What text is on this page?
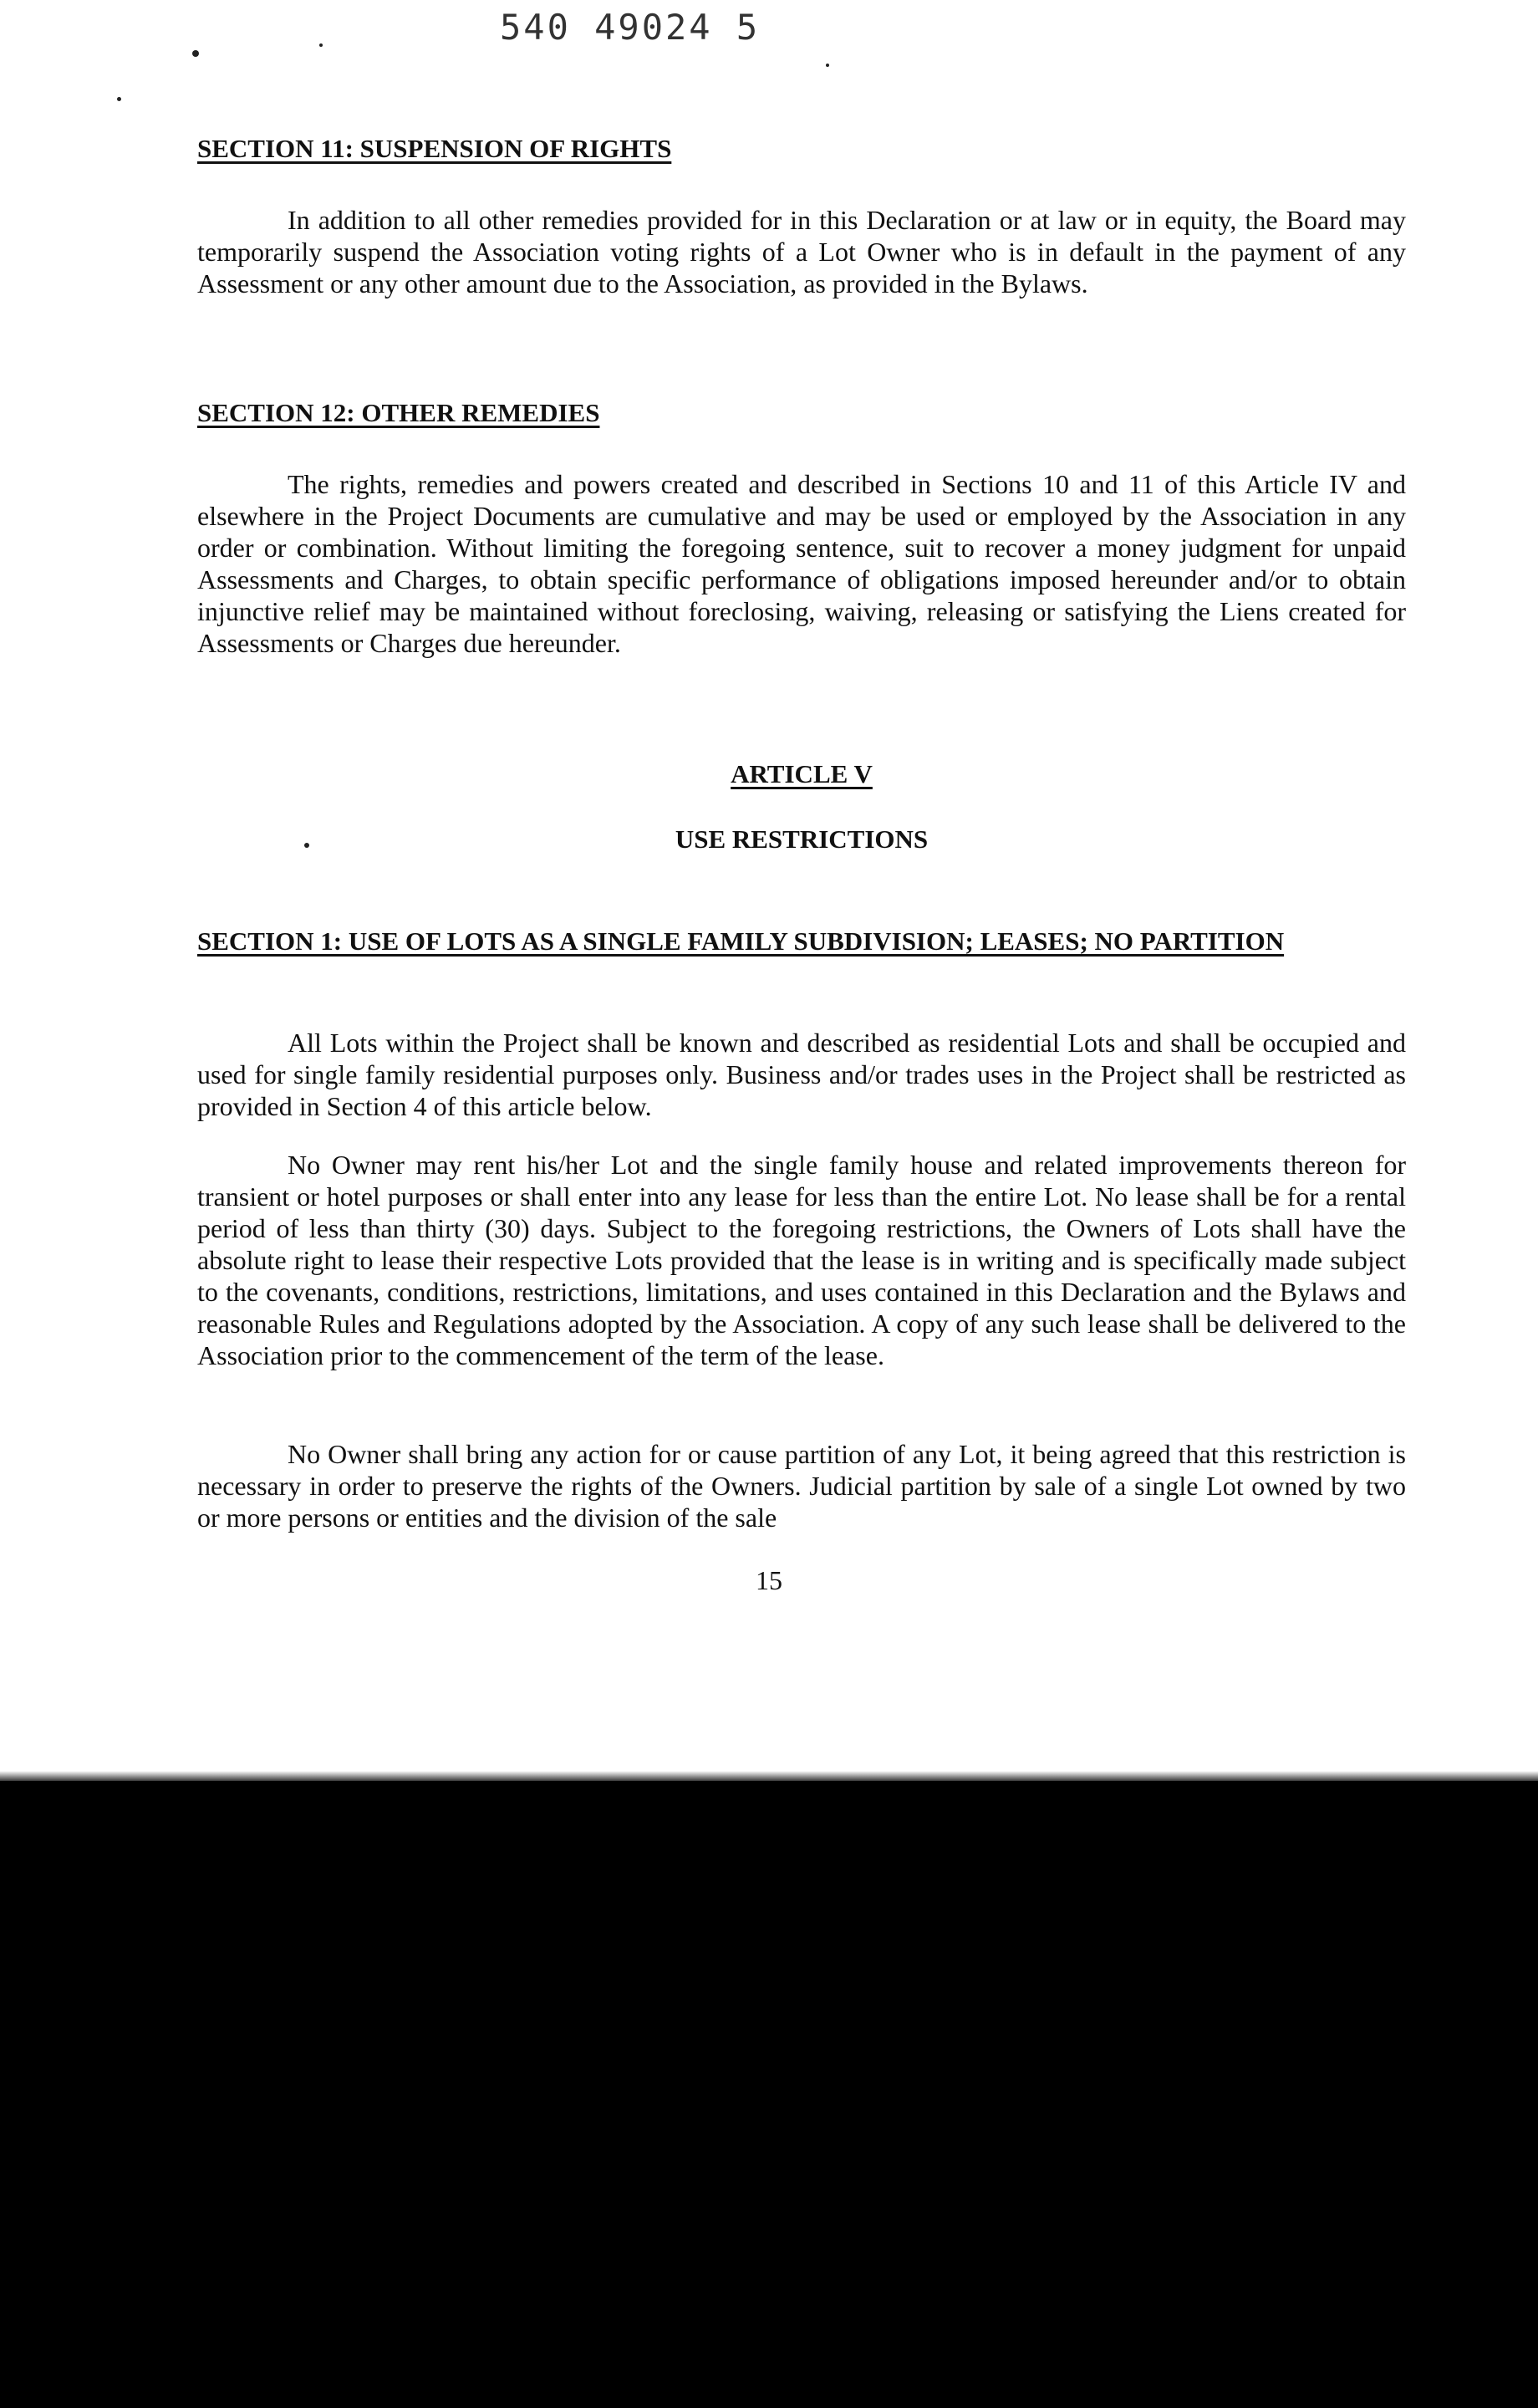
540 49024 5
SECTION 11: SUSPENSION OF RIGHTS

In addition to all other remedies provided for in this Declaration or at law or in equity, the Board may temporarily suspend the Association voting rights of a Lot Owner who is in default in the payment of any Assessment or any other amount due to the Association, as provided in the Bylaws.

SECTION 12: OTHER REMEDIES

The rights, remedies and powers created and described in Sections 10 and 11 of this Article IV and elsewhere in the Project Documents are cumulative and may be used or employed by the Association in any order or combination. Without limiting the foregoing sentence, suit to recover a money judgment for unpaid Assessments and Charges, to obtain specific performance of obligations imposed hereunder and/or to obtain injunctive relief may be maintained without foreclosing, waiving, releasing or satisfying the Liens created for Assessments or Charges due hereunder.

ARTICLE V

USE RESTRICTIONS

SECTION 1: USE OF LOTS AS A SINGLE FAMILY SUBDIVISION; LEASES; NO PARTITION

All Lots within the Project shall be known and described as residential Lots and shall be occupied and used for single family residential purposes only. Business and/or trades uses in the Project shall be restricted as provided in Section 4 of this article below.

No Owner may rent his/her Lot and the single family house and related improvements thereon for transient or hotel purposes or shall enter into any lease for less than the entire Lot. No lease shall be for a rental period of less than thirty (30) days. Subject to the foregoing restrictions, the Owners of Lots shall have the absolute right to lease their respective Lots provided that the lease is in writing and is specifically made subject to the covenants, conditions, restrictions, limitations, and uses contained in this Declaration and the Bylaws and reasonable Rules and Regulations adopted by the Association. A copy of any such lease shall be delivered to the Association prior to the commencement of the term of the lease.

No Owner shall bring any action for or cause partition of any Lot, it being agreed that this restriction is necessary in order to preserve the rights of the Owners. Judicial partition by sale of a single Lot owned by two or more persons or entities and the division of the sale

15
